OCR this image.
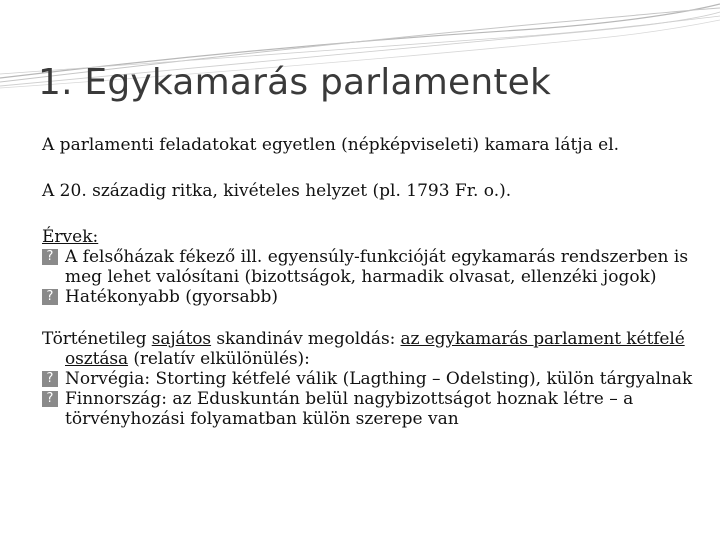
1. Egykamarás parlamentek

A parlamenti feladatokat egyetlen (népképviseleti) kamara látja el.

A 20. századig ritka, kivételes helyzet (pl. 1793 Fr. o.).

Érvek:

? A felsőházak fékező ill. egyensúly-funkcióját egykamarás rendszerben is meg lehet valósítani (bizottságok, harmadik olvasat, ellenzéki jogok)

? Hatékonyabb (gyorsabb)

Történetileg sajátos skandináv megoldás: az egykamarás parlament kétfelé osztása (relatív elkülönülés):

? Norvégia: Storting kétfelé válik (Lagthing – Odelsting), külön tárgyalnak

? Finnország: az Eduskuntán belül nagybizottságot hoznak létre – a törvényhozási folyamatban külön szerepe van
